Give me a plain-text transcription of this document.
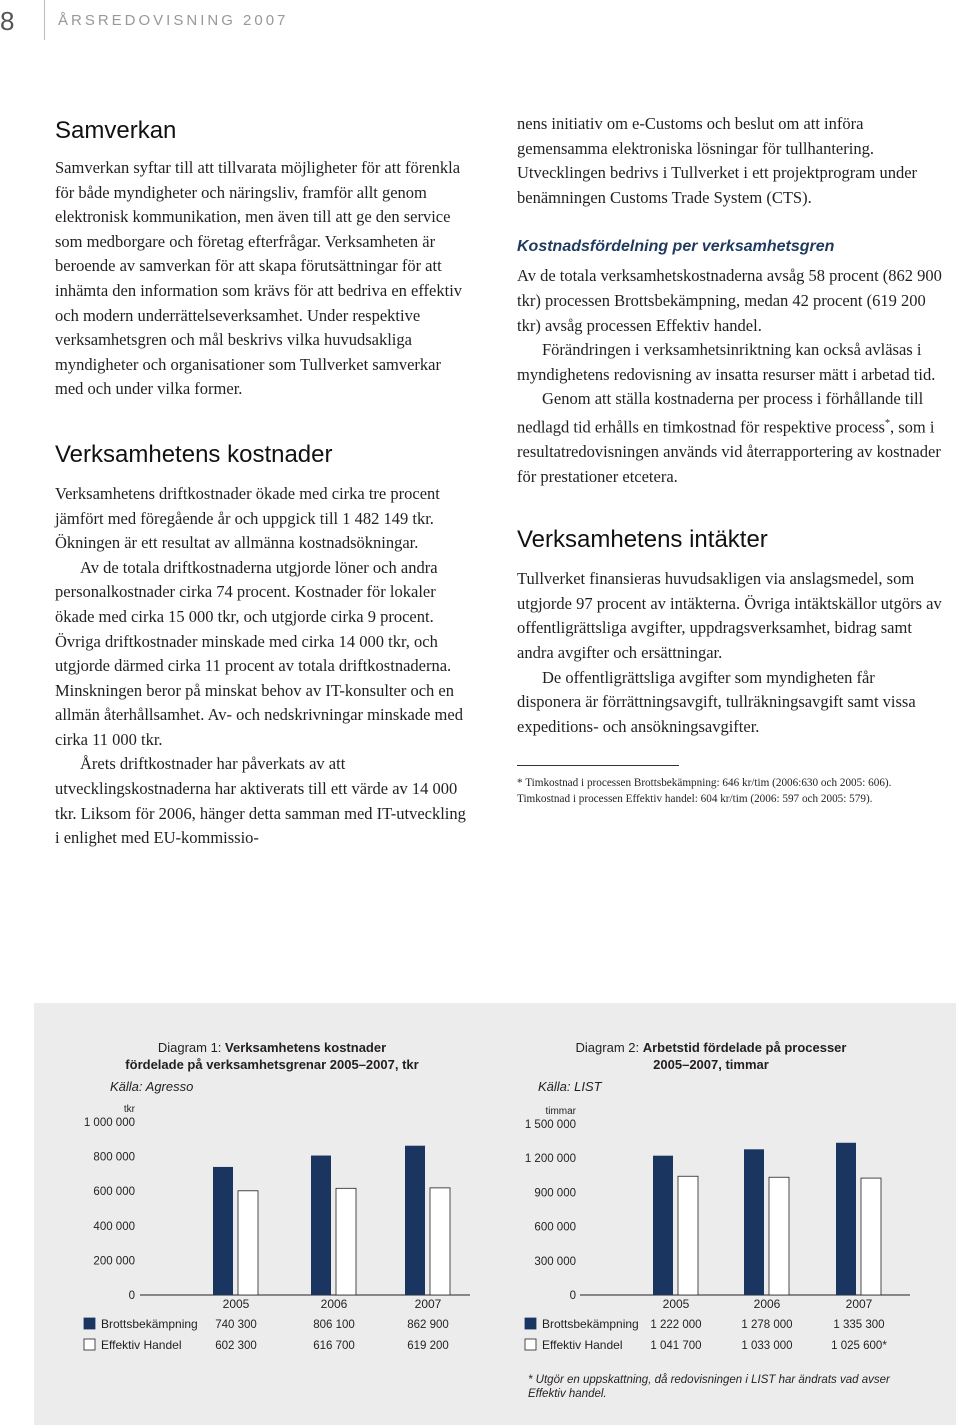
8	ÅRSREDOVISNING 2007
Samverkan

Samverkan syftar till att tillvarata möjligheter för att förenkla för både myndigheter och näringsliv, framför allt genom elektronisk kommunikation, men även till att ge den service som medborgare och företag efterfrågar. Verksamheten är beroende av samverkan för att skapa förutsättningar för att inhämta den information som krävs för att bedriva en effektiv och modern underrättelseverksamhet. Under respektive verksamhetsgren och mål beskrivs vilka huvudsakliga myndigheter och organisationer som Tullverket samverkar med och under vilka former.

Verksamhetens kostnader

Verksamhetens driftkostnader ökade med cirka tre procent jämfört med föregående år och uppgick till 1 482 149 tkr. Ökningen är ett resultat av allmänna kostnadsökningar.

Av de totala driftkostnaderna utgjorde löner och andra personalkostnader cirka 74 procent. Kostnader för lokaler ökade med cirka 15 000 tkr, och utgjorde cirka 9 procent. Övriga driftkostnader minskade med cirka 14 000 tkr, och utgjorde därmed cirka 11 procent av totala driftkostnaderna. Minskningen beror på minskat behov av IT-konsulter och en allmän återhållsamhet. Av- och nedskrivningar minskade med cirka 11 000 tkr.

Årets driftkostnader har påverkats av att utvecklingskostnaderna har aktiverats till ett värde av 14 000 tkr. Liksom för 2006, hänger detta samman med IT-utveckling i enlighet med EU-kommissio-

nens initiativ om e-Customs och beslut om att införa gemensamma elektroniska lösningar för tullhantering. Utvecklingen bedrivs i Tullverket i ett projektprogram under benämningen Customs Trade System (CTS).

Kostnadsfördelning per verksamhetsgren

Av de totala verksamhetskostnaderna avsåg 58 procent (862 900 tkr) processen Brottsbekämpning, medan 42 procent (619 200 tkr) avsåg processen Effektiv handel.

Förändringen i verksamhetsinriktning kan också avläsas i myndighetens redovisning av insatta resurser mätt i arbetad tid.

Genom att ställa kostnaderna per process i förhållande till nedlagd tid erhålls en timkostnad för respektive process*, som i resultatredovisningen används vid återrapportering av kostnader för prestationer etcetera.

Verksamhetens intäkter

Tullverket finansieras huvudsakligen via anslagsmedel, som utgjorde 97 procent av intäkterna. Övriga intäktskällor utgörs av offentligrättsliga avgifter, uppdragsverksamhet, bidrag samt andra avgifter och ersättningar.

De offentligrättsliga avgifter som myndigheten får disponera är förrättningsavgift, tullräkningsavgift samt vissa expeditions- och ansökningsavgifter.

* Timkostnad i processen Brottsbekämpning: 646 kr/tim (2006:630 och 2005: 606). Timkostnad i processen Effektiv handel: 604 kr/tim (2006: 597 och 2005: 579).

Diagram 1: Verksamhetens kostnader
fördelade på verksamhetsgrenar 2005–2007, tkr
Källa: Agresso
tkr
1 000 000
800 000
600 000
400 000
200 000
0
2005	2006	2007
Brottsbekämpning 740 300	806 100	862 900
Effektiv Handel	602 300	616 700	619 200
Diagram 2: Arbetstid fördelade på processer
2005–2007, timmar
Källa: LIST
timmar
1 500 000
1 200 000
900 000
600 000
300 000
0
2005	2006	2007
Brottsbekämpning 1 222 000	1 278 000	1 335 300
Effektiv Handel 1 041 700	1 033 000	1 025 600*
* Utgör en uppskattning, då redovisningen i LIST har ändrats vad avser Effektiv handel.
